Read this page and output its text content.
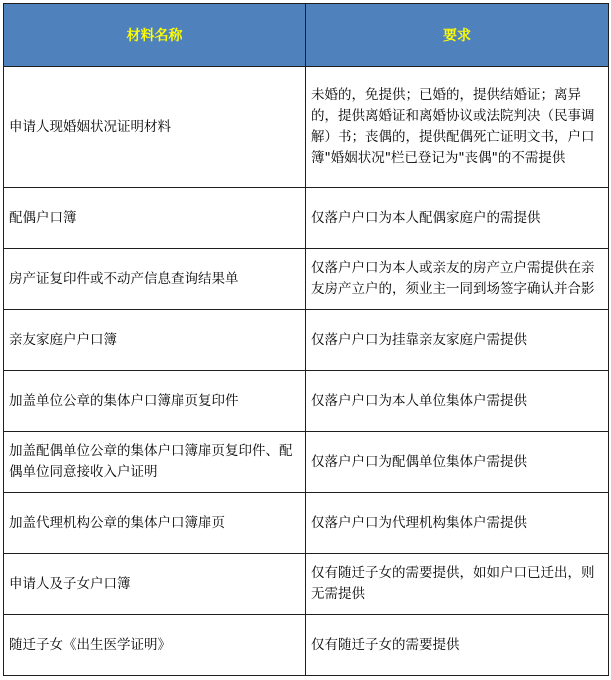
材料名称	要求
申请人现婚姻状况证明材料	未婚的，免提供；已婚的，提供结婚证；离异的，提供离婚证和离婚协议或法院判决（民事调解）书；丧偶的，提供配偶死亡证明文书，户口簿"婚姻状况"栏已登记为"丧偶"的不需提供
配偶户口簿	仅落户户口为本人配偶家庭户的需提供
房产证复印件或不动产信息查询结果单	仅落户户口为本人或亲友的房产立户需提供在亲友房产立户的，须业主一同到场签字确认并合影
亲友家庭户户口簿	仅落户户口为挂靠亲友家庭户需提供
加盖单位公章的集体户口簿扉页复印件	仅落户户口为本人单位集体户需提供
加盖配偶单位公章的集体户口簿扉页复印件、配偶单位同意接收入户证明	仅落户户口为配偶单位集体户需提供
加盖代理机构公章的集体户口簿扉页	仅落户户口为代理机构集体户需提供
申请人及子女户口簿	仅有随迁子女的需要提供，如如户口已迁出，则无需提供
随迁子女《出生医学证明》	仅有随迁子女的需要提供
